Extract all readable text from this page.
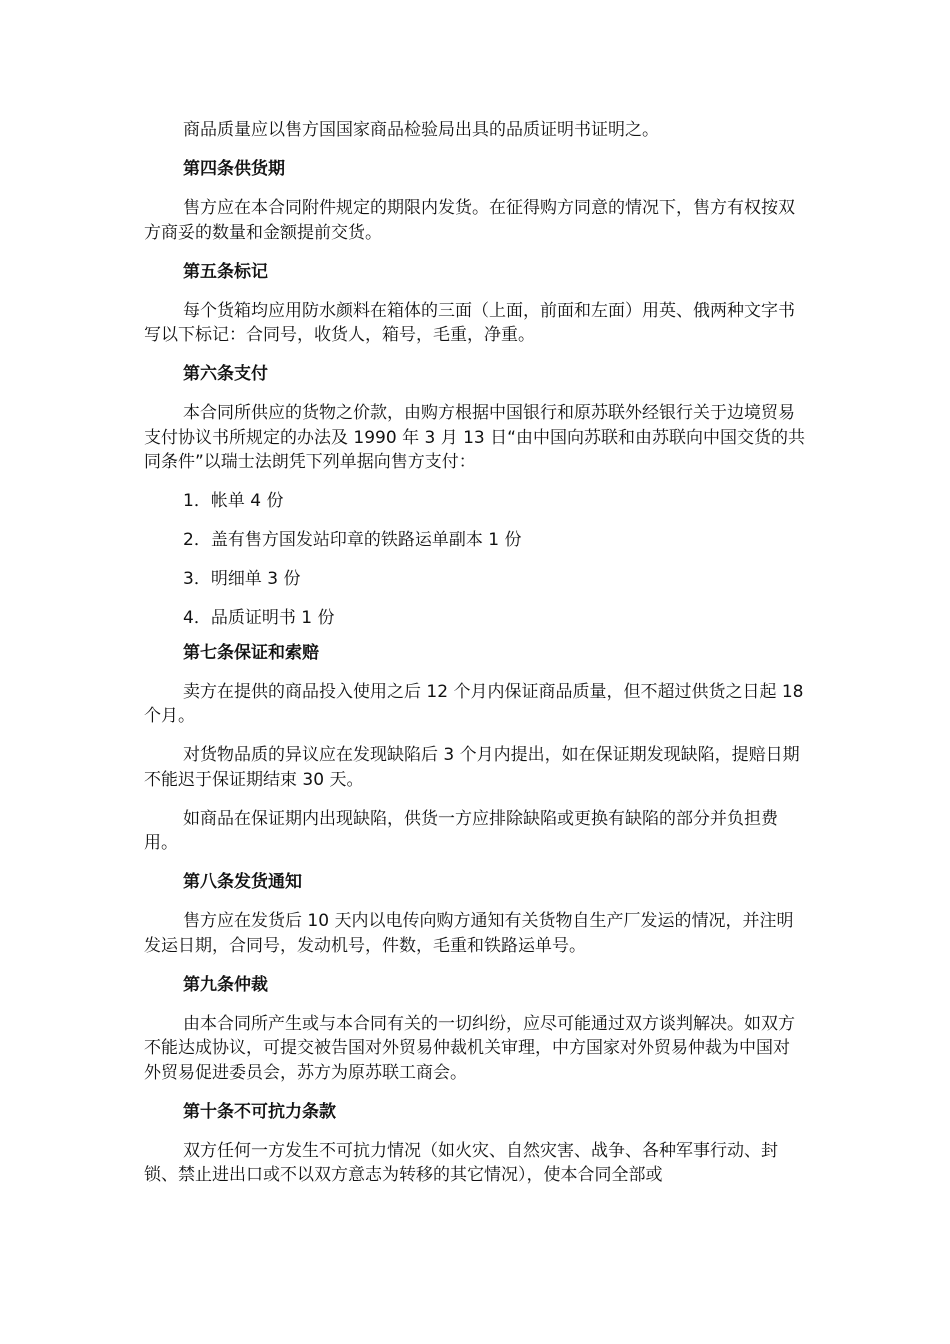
商品质量应以售方国国家商品检验局出具的品质证明书证明之。

第四条供货期

售方应在本合同附件规定的期限内发货。在征得购方同意的情况下，售方有权按双方商妥的数量和金额提前交货。

第五条标记

每个货箱均应用防水颜料在箱体的三面（上面，前面和左面）用英、俄两种文字书写以下标记：合同号，收货人，箱号，毛重，净重。

第六条支付

本合同所供应的货物之价款，由购方根据中国银行和原苏联外经银行关于边境贸易支付协议书所规定的办法及 1990 年 3 月 13 日“由中国向苏联和由苏联向中国交货的共同条件”以瑞士法朗凭下列单据向售方支付：

1．帐单 4 份

2．盖有售方国发站印章的铁路运单副本 1 份

3．明细单 3 份

4．品质证明书 1 份

第七条保证和索赔

卖方在提供的商品投入使用之后 12 个月内保证商品质量，但不超过供货之日起 18 个月。

对货物品质的异议应在发现缺陷后 3 个月内提出，如在保证期发现缺陷，提赔日期不能迟于保证期结束 30 天。

如商品在保证期内出现缺陷，供货一方应排除缺陷或更换有缺陷的部分并负担费用。

第八条发货通知

售方应在发货后 10 天内以电传向购方通知有关货物自生产厂发运的情况，并注明发运日期，合同号，发动机号，件数，毛重和铁路运单号。

第九条仲裁

由本合同所产生或与本合同有关的一切纠纷，应尽可能通过双方谈判解决。如双方不能达成协议，可提交被告国对外贸易仲裁机关审理，中方国家对外贸易仲裁为中国对外贸易促进委员会，苏方为原苏联工商会。

第十条不可抗力条款

双方任何一方发生不可抗力情况（如火灾、自然灾害、战争、各种军事行动、封锁、禁止进出口或不以双方意志为转移的其它情况），使本合同全部或
